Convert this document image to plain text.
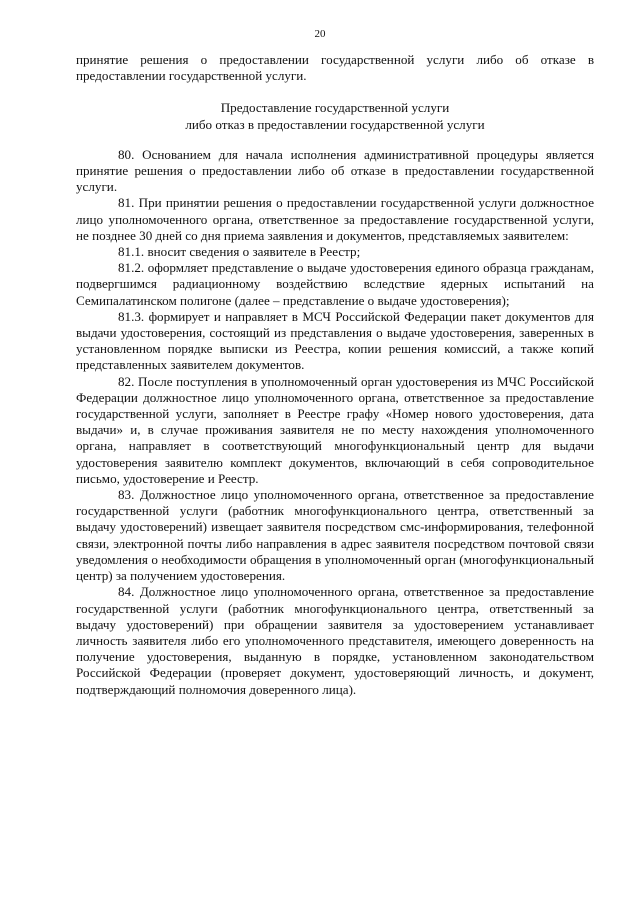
20

принятие решения о предоставлении государственной услуги либо об отказе в предоставлении государственной услуги.

Предоставление государственной услуги
либо отказ в предоставлении государственной услуги

80. Основанием для начала исполнения административной процедуры является принятие решения о предоставлении либо об отказе в предоставлении государственной услуги.

81. При принятии решения о предоставлении государственной услуги должностное лицо уполномоченного органа, ответственное за предоставление государственной услуги, не позднее 30 дней со дня приема заявления и документов, представляемых заявителем:

81.1. вносит сведения о заявителе в Реестр;

81.2. оформляет представление о выдаче удостоверения единого образца гражданам, подвергшимся радиационному воздействию вследствие ядерных испытаний на Семипалатинском полигоне (далее – представление о выдаче удостоверения);

81.3. формирует и направляет в МСЧ Российской Федерации пакет документов для выдачи удостоверения, состоящий из представления о выдаче удостоверения, заверенных в установленном порядке выписки из Реестра, копии решения комиссий, а также копий представленных заявителем документов.

82. После поступления в уполномоченный орган удостоверения из МЧС Российской Федерации должностное лицо уполномоченного органа, ответственное за предоставление государственной услуги, заполняет в Реестре графу «Номер нового удостоверения, дата выдачи» и, в случае проживания заявителя не по месту нахождения уполномоченного органа, направляет в соответствующий многофункциональный центр для выдачи удостоверения заявителю комплект документов, включающий в себя сопроводительное письмо, удостоверение и Реестр.

83. Должностное лицо уполномоченного органа, ответственное за предоставление государственной услуги (работник многофункционального центра, ответственный за выдачу удостоверений) извещает заявителя посредством смс-информирования, телефонной связи, электронной почты либо направления в адрес заявителя посредством почтовой связи уведомления о необходимости обращения в уполномоченный орган (многофункциональный центр) за получением удостоверения.

84. Должностное лицо уполномоченного органа, ответственное за предоставление государственной услуги (работник многофункционального центра, ответственный за выдачу удостоверений) при обращении заявителя за удостоверением устанавливает личность заявителя либо его уполномоченного представителя, имеющего доверенность на получение удостоверения, выданную в порядке, установленном законодательством Российской Федерации (проверяет документ, удостоверяющий личность, и документ, подтверждающий полномочия доверенного лица).
